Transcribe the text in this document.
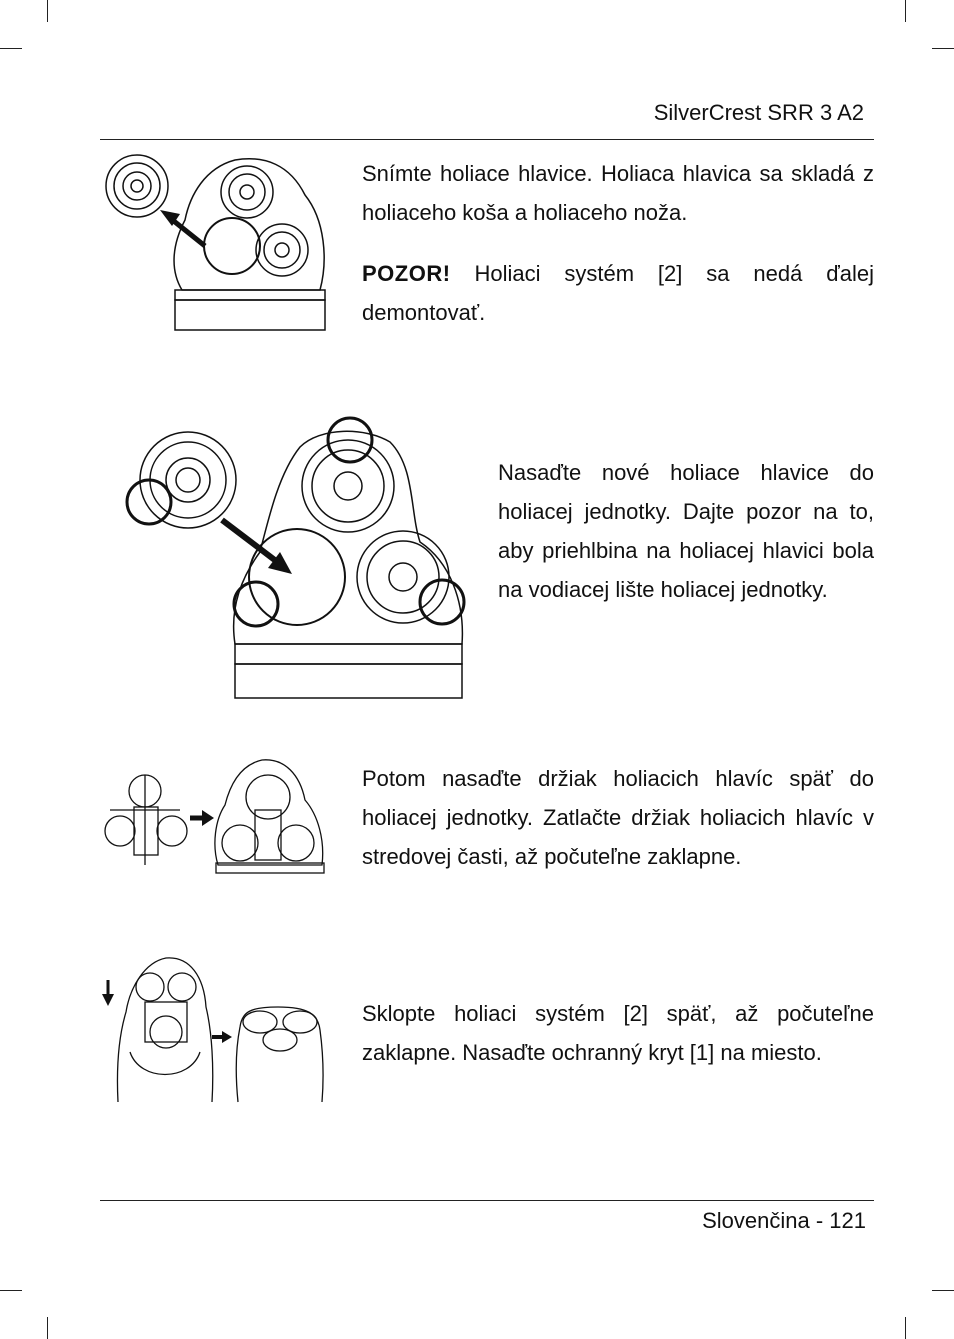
SilverCrest SRR 3 A2

Snímte holiace hlavice. Holiaca hlavica sa skladá z holiaceho koša a holiaceho noža.

POZOR! Holiaci systém [2] sa nedá ďalej demontovať.

Nasaďte nové holiace hlavice do holiacej jednotky. Dajte pozor na to, aby priehlbina na holiacej hlavici bola na vodiacej lište holiacej jednotky.

Potom nasaďte držiak holiacich hlavíc späť do holiacej jednotky. Zatlačte držiak holiacich hlavíc v stredovej časti, až počuteľne zaklapne.

Sklopte holiaci systém [2] späť, až počuteľne zaklapne. Nasaďte ochranný kryt [1] na miesto.

Slovenčina - 121
